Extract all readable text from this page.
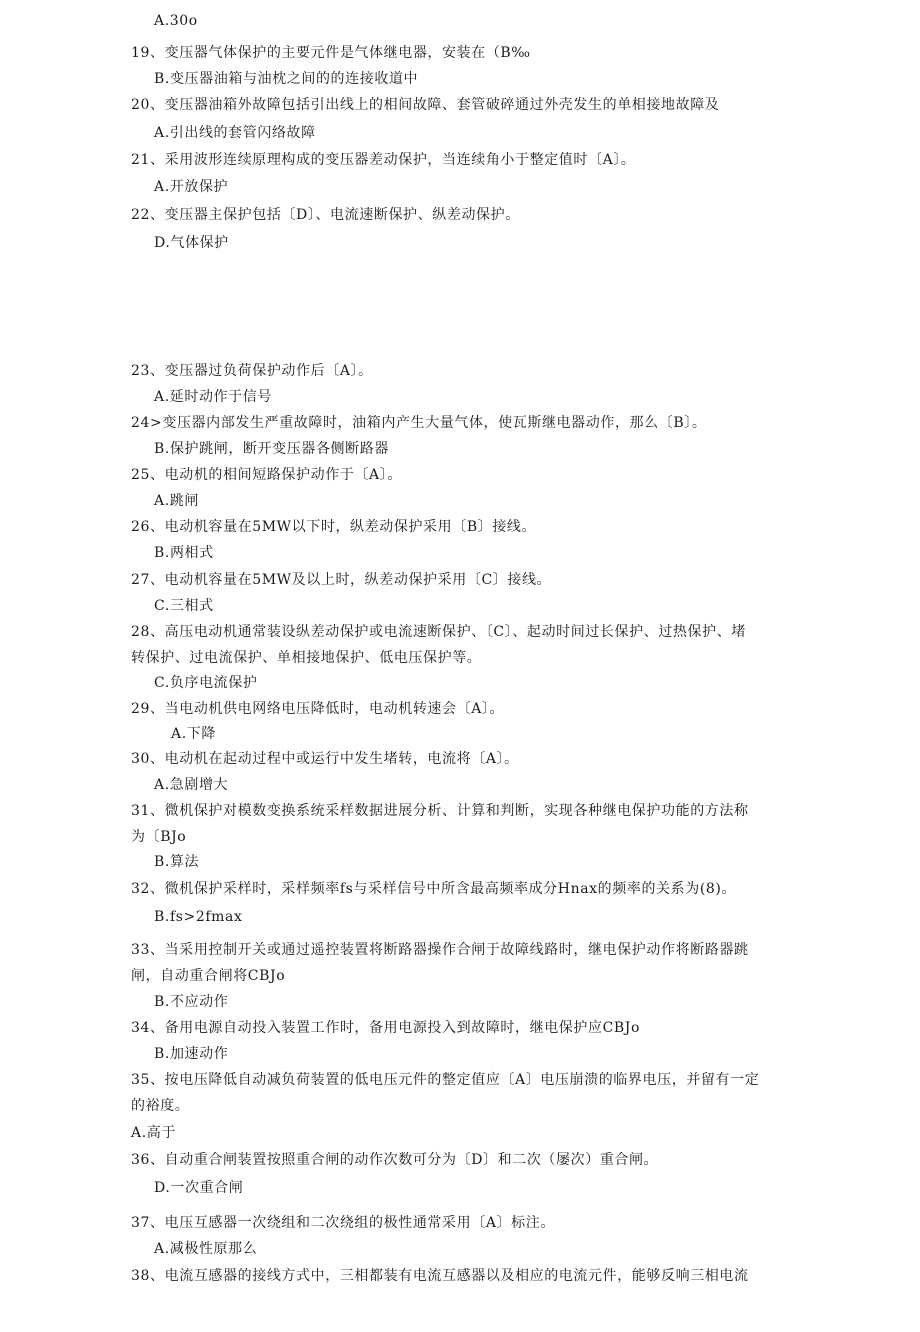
A.30o
19、变压器气体保护的主要元件是气体继电器，安装在（B‰
B.变压器油箱与油枕之间的的连接收道中
20、变压器油箱外故障包括引出线上的相间故障、套管破碎通过外壳发生的单相接地故障及
A.引出线的套管闪络故障
21、采用波形连续原理构成的变压器差动保护，当连续角小于整定值时〔A〕。
A.开放保护
22、变压器主保护包括〔D〕、电流速断保护、纵差动保护。
D.气体保护
23、变压器过负荷保护动作后〔A〕。
A.延时动作于信号
24>变压器内部发生严重故障时，油箱内产生大量气体，使瓦斯继电器动作，那么〔B〕。
B.保护跳闸，断开变压器各侧断路器
25、电动机的相间短路保护动作于〔A〕。
A.跳闸
26、电动机容量在5MW以下时，纵差动保护采用〔B〕接线。
B.两相式
27、电动机容量在5MW及以上时，纵差动保护采用〔C〕接线。
C.三相式
28、高压电动机通常装设纵差动保护或电流速断保护、〔C〕、起动时间过长保护、过热保护、堵
转保护、过电流保护、单相接地保护、低电压保护等。
C.负序电流保护
29、当电动机供电网络电压降低时，电动机转速会〔A〕。
A.下降
30、电动机在起动过程中或运行中发生堵转，电流将〔A〕。
A.急剧增大
31、微机保护对模数变换系统采样数据进展分析、计算和判断，实现各种继电保护功能的方法称
为〔BJo
B.算法
32、微机保护采样时，采样频率fs与采样信号中所含最高频率成分Hnax的频率的关系为(8)。
B.fs>2fmax
33、当采用控制开关或通过遥控装置将断路器操作合闸于故障线路时，继电保护动作将断路器跳
闸，自动重合闸将CBJo
B.不应动作
34、备用电源自动投入装置工作时，备用电源投入到故障时，继电保护应CBJo
B.加速动作
35、按电压降低自动减负荷装置的低电压元件的整定值应〔A〕电压崩溃的临界电压，并留有一定
的裕度。
A.高于
36、自动重合闸装置按照重合闸的动作次数可分为〔D〕和二次（屡次）重合闸。
D.一次重合闸
37、电压互感器一次绕组和二次绕组的极性通常采用〔A〕标注。
A.减极性原那么
38、电流互感器的接线方式中，三相都装有电流互感器以及相应的电流元件，能够反响三相电流
